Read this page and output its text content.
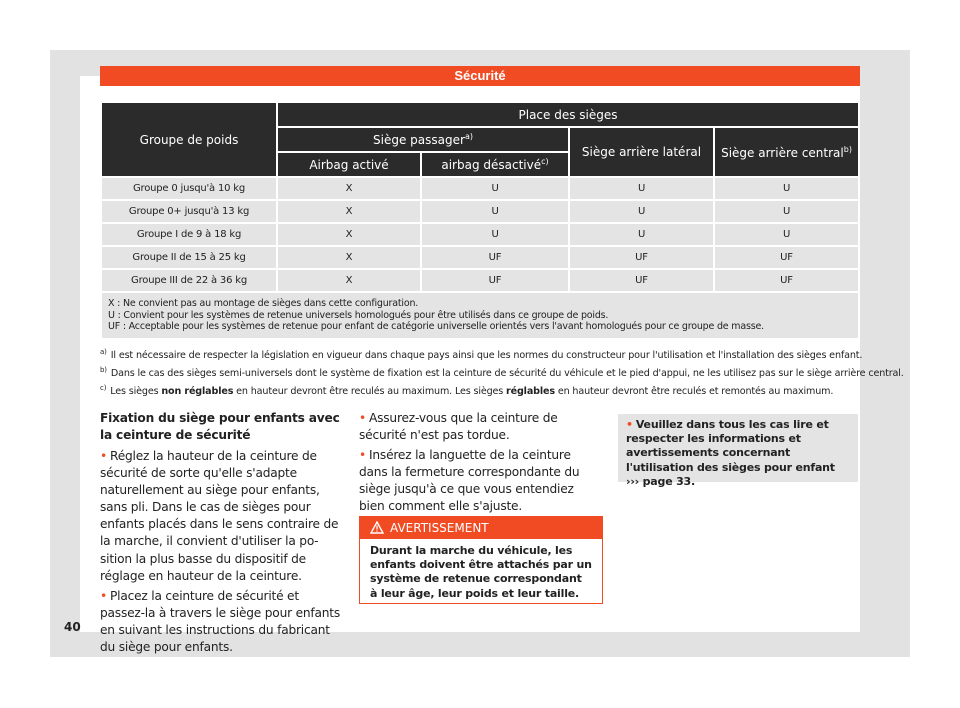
Sécurité
Groupe de poids	Place des sièges			
	Siège passager$^{a)}$		Siège arrière latéral	Siège arrière central$^{b)}$
	Airbag activé	airbag désactivé$^{c)}$
Groupe 0 jusqu'à 10 kg	X	U	U	U
Groupe 0+ jusqu'à 13 kg	X	U	U	U
Groupe I de 9 à 18 kg	X	U	U	U
Groupe II de 15 à 25 kg	X	UF	UF	UF
Groupe III de 22 à 36 kg	X	UF	UF	UF

X : Ne convient pas au montage de sièges dans cette configuration.
U : Convient pour les systèmes de retenue universels homologués pour être utilisés dans ce groupe de poids.
UF : Acceptable pour les systèmes de retenue pour enfant de catégorie universelle orientés vers l'avant homologués pour ce groupe de masse.				
$^{a)}$ Il est nécessaire de respecter la législation en vigueur dans chaque pays ainsi que les normes du constructeur pour l'utilisation et l'installation des sièges enfant.
$^{b)}$ Dans le cas des sièges semi-universels dont le système de fixation est la ceinture de sécurité du véhicule et le pied d'appui, ne les utilisez pas sur le siège arrière central.
$^{c)}$ Les sièges non réglables en hauteur devront être reculés au maximum. Les sièges réglables en hauteur devront être reculés et remontés au maximum.
Fixation du siège pour enfants avec la ceinture de sécurité

• Réglez la hauteur de la ceinture de sécurité de sorte qu'elle s'adapte naturellement au siège pour enfants, sans pli. Dans le cas de sièges pour enfants placés dans le sens contraire de la marche, il convient d'utiliser la position la plus basse du dispositif de réglage en hauteur de la ceinture.

• Placez la ceinture de sécurité et passez-la à travers le siège pour enfants en suivant les instructions du fabricant du siège pour enfants.

• Assurez-vous que la ceinture de sécurité n'est pas tordue.

• Insérez la languette de la ceinture dans la fermeture correspondante du siège jusqu'à ce que vous entendiez bien comment elle s'ajuste.

AVERTISSEMENT
Durant la marche du véhicule, les enfants doivent être attachés par un système de retenue correspondant à leur âge, leur poids et leur taille.
• Veuillez dans tous les cas lire et respecter les informations et avertissements concernant l'utilisation des sièges pour enfant ››› page 33.
40
